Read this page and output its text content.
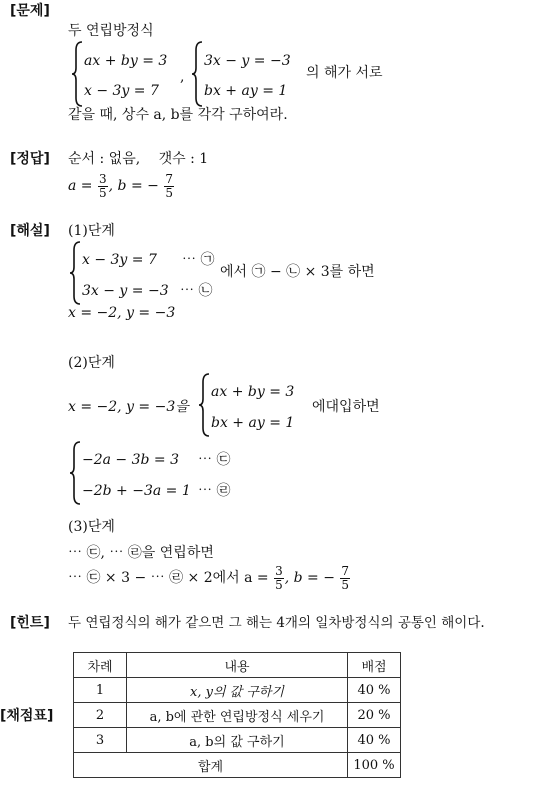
[문제]
두 연립방정식
ax + by = 3
x − 3y = 7
,
3x − y = −3
bx + ay = 1
의 해가 서로
같을 때, 상수 a, b를 각각 구하여라.
[정답] 순서 : 없음, 갯수 : 1
$a = \frac{3}{5}$ , b = − $\frac{7}{5}$
[해설] (1)단계
x − 3y = 7 ⋯ ㉠
3x − y = −3 ⋯ ㉡
에서 ㉠ − ㉡ × 3를 하면
x = −2, y = −3
(2)단계
x = −2, y = −3을
ax + by = 3
bx + ay = 1
에대입하면
−2a − 3b = 3 ⋯ ㉢
−2b + −3a = 1 ⋯ ㉣
(3)단계
⋯ ㉢, ⋯ ㉣을 연립하면
⋯ ㉢ × 3 − ⋯ ㉣ × 2에서 $a = \frac{3}{5}$ , b = − $\frac{7}{5}$
[힌트] 두 연립정식의 해가 같으면 그 해는 4개의 일차방정식의 공통인 해이다.
[채점표]
차례	내용	배점
1	x, y의 값 구하기	40 %
2	a, b에 관한 연립방정식 세우기	20 %
3	a, b의 값 구하기	40 %
합계		100 %
